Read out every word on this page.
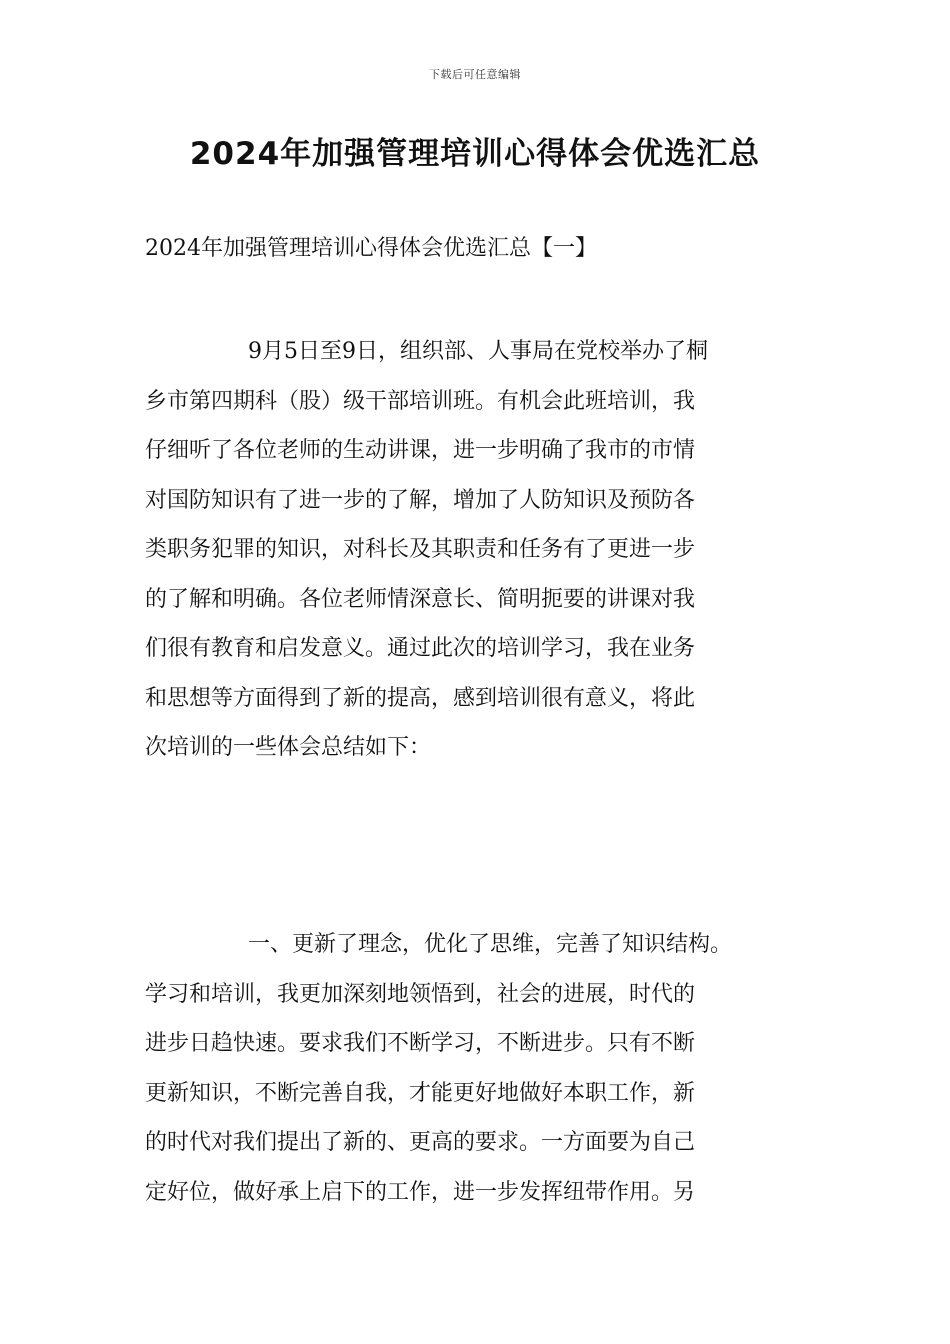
下载后可任意编辑
2024年加强管理培训心得体会优选汇总
2024年加强管理培训心得体会优选汇总【一】
9月5日至9日，组织部、人事局在党校举办了桐
乡市第四期科（股）级干部培训班。有机会此班培训，我
仔细听了各位老师的生动讲课，进一步明确了我市的市情
对国防知识有了进一步的了解，增加了人防知识及预防各
类职务犯罪的知识，对科长及其职责和任务有了更进一步
的了解和明确。各位老师情深意长、简明扼要的讲课对我
们很有教育和启发意义。通过此次的培训学习，我在业务
和思想等方面得到了新的提高，感到培训很有意义，将此
次培训的一些体会总结如下：
一、更新了理念，优化了思维，完善了知识结构。
学习和培训，我更加深刻地领悟到，社会的进展，时代的
进步日趋快速。要求我们不断学习，不断进步。只有不断
更新知识，不断完善自我，才能更好地做好本职工作，新
的时代对我们提出了新的、更高的要求。一方面要为自己
定好位，做好承上启下的工作，进一步发挥纽带作用。另
